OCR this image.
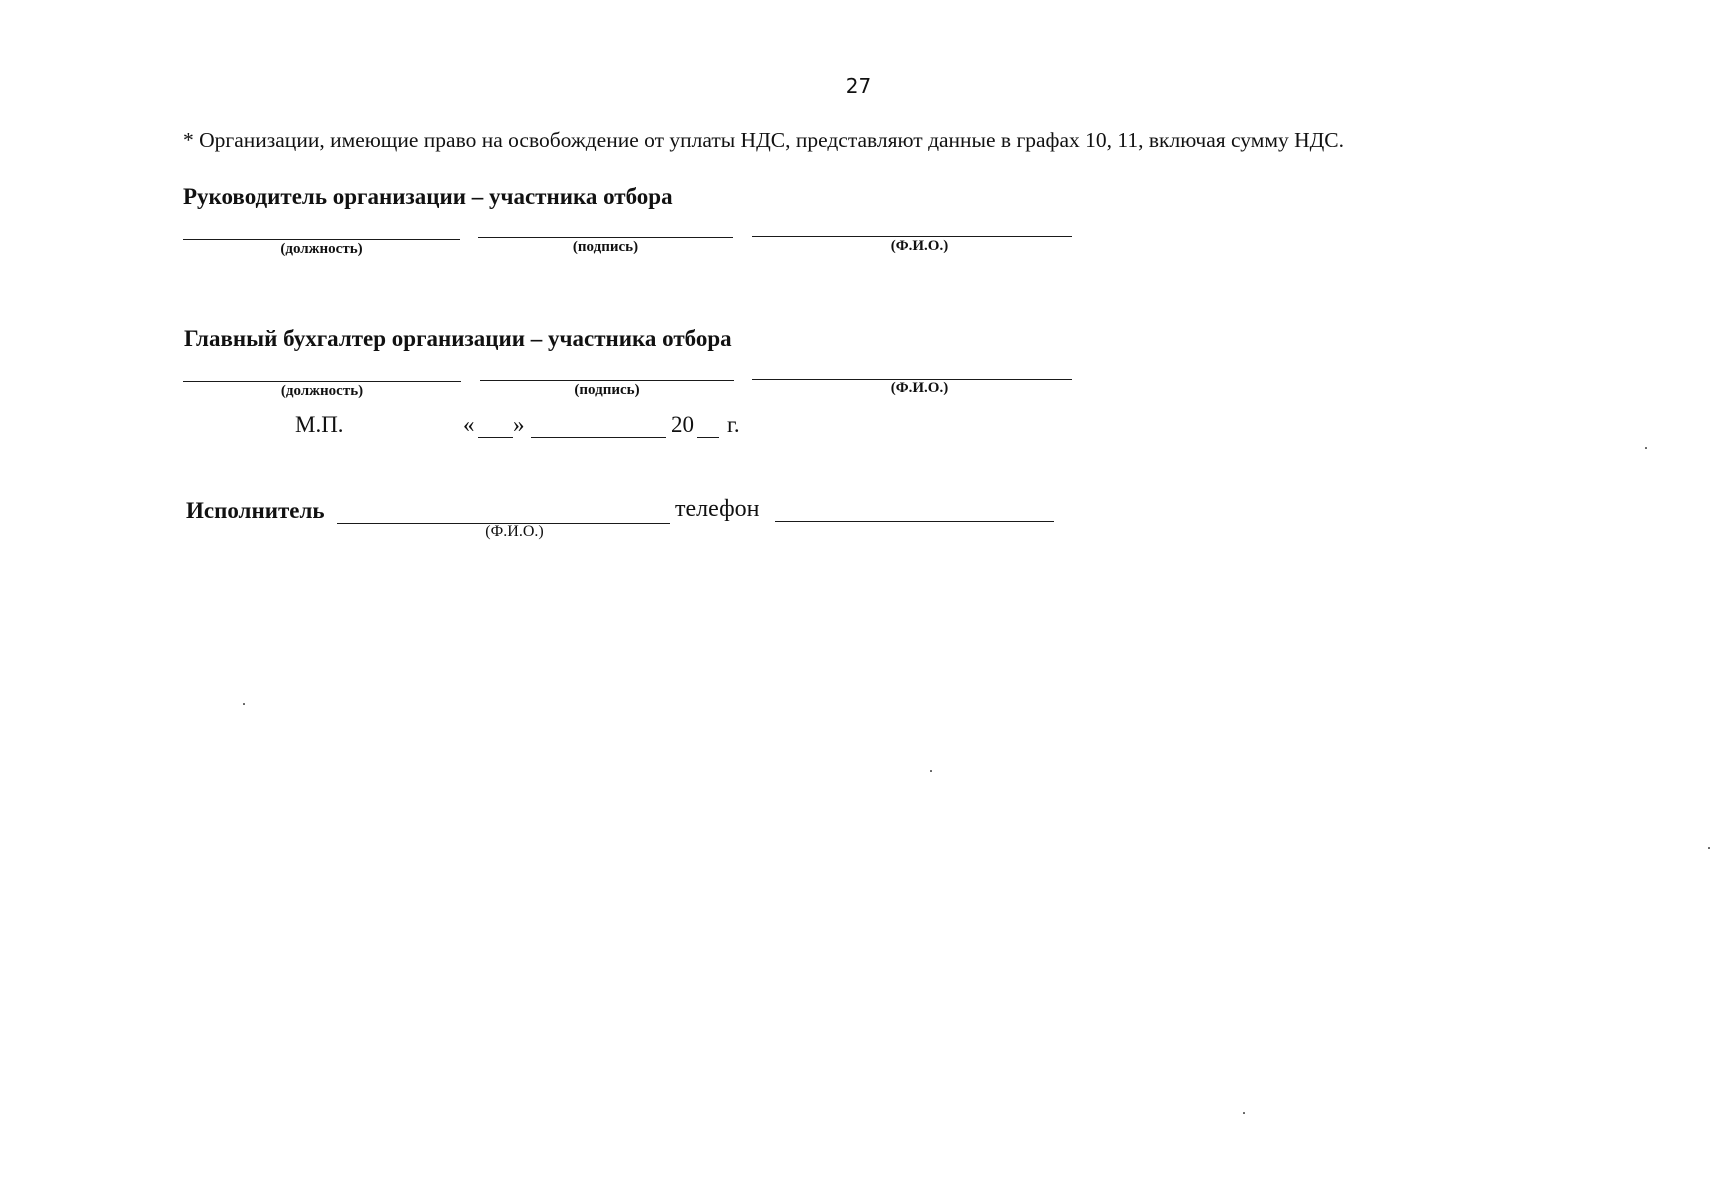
27
* Организации, имеющие право на освобождение от уплаты НДС, представляют данные в графах 10, 11, включая сумму НДС.
Руководитель организации – участника отбора
(должность)	(подпись)	(Ф.И.О.)
Главный бухгалтер организации – участника отбора
(должность)	(подпись)	(Ф.И.О.)
М.П.	« »	20 г.
Исполнитель
(Ф.И.О.)
телефон
